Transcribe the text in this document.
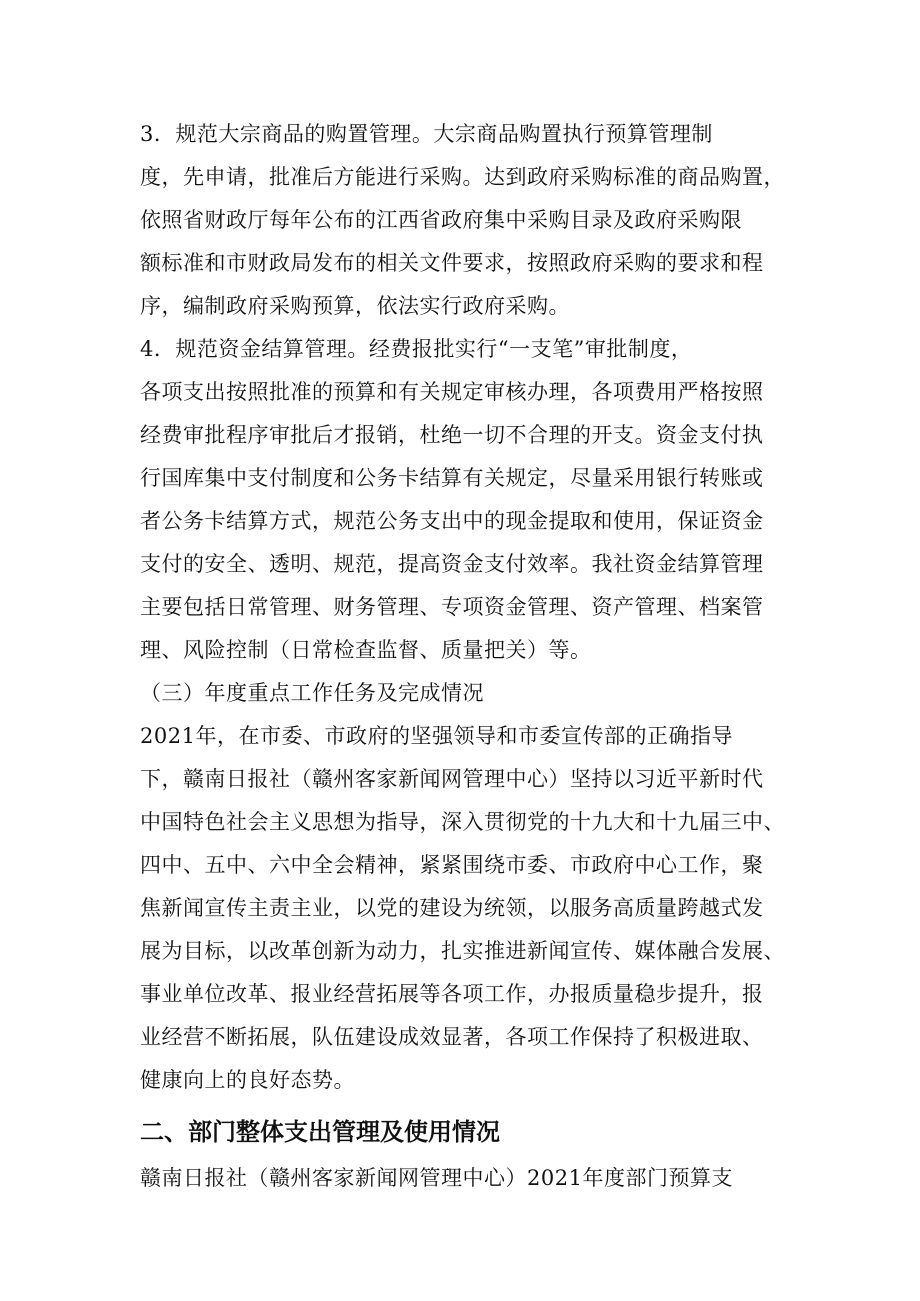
3．规范大宗商品的购置管理。大宗商品购置执行预算管理制
度，先申请，批准后方能进行采购。达到政府采购标准的商品购置，
依照省财政厅每年公布的江西省政府集中采购目录及政府采购限
额标准和市财政局发布的相关文件要求，按照政府采购的要求和程
序，编制政府采购预算，依法实行政府采购。
4．规范资金结算管理。经费报批实行“一支笔”审批制度，
各项支出按照批准的预算和有关规定审核办理，各项费用严格按照
经费审批程序审批后才报销，杜绝一切不合理的开支。资金支付执
行国库集中支付制度和公务卡结算有关规定，尽量采用银行转账或
者公务卡结算方式，规范公务支出中的现金提取和使用，保证资金
支付的安全、透明、规范，提高资金支付效率。我社资金结算管理
主要包括日常管理、财务管理、专项资金管理、资产管理、档案管
理、风险控制（日常检查监督、质量把关）等。
（三）年度重点工作任务及完成情况
2021年，在市委、市政府的坚强领导和市委宣传部的正确指导
下，赣南日报社（赣州客家新闻网管理中心）坚持以习近平新时代
中国特色社会主义思想为指导，深入贯彻党的十九大和十九届三中、
四中、五中、六中全会精神，紧紧围绕市委、市政府中心工作，聚
焦新闻宣传主责主业，以党的建设为统领，以服务高质量跨越式发
展为目标，以改革创新为动力，扎实推进新闻宣传、媒体融合发展、
事业单位改革、报业经营拓展等各项工作，办报质量稳步提升，报
业经营不断拓展，队伍建设成效显著，各项工作保持了积极进取、
健康向上的良好态势。
二、部门整体支出管理及使用情况
赣南日报社（赣州客家新闻网管理中心）2021年度部门预算支
